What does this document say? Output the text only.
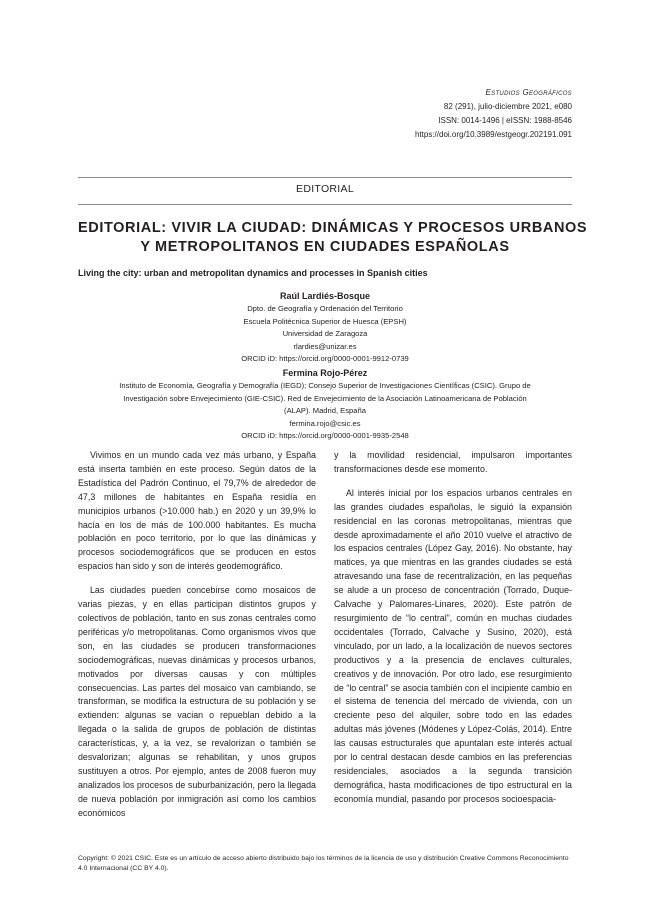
Estudios Geográficos
82 (291), julio-diciembre 2021, e080
ISSN: 0014-1496 | eISSN: 1988-8546
https://doi.org/10.3989/estgeogr.202191.091
EDITORIAL
EDITORIAL: VIVIR LA CIUDAD: DINÁMICAS Y PROCESOS URBANOS
Y METROPOLITANOS EN CIUDADES ESPAÑOLAS
Living the city: urban and metropolitan dynamics and processes in Spanish cities
Raúl Lardiés-Bosque
Dpto. de Geografía y Ordenación del Territorio
Escuela Politécnica Superior de Huesca (EPSH)
Universidad de Zaragoza
rlardies@unizar.es
ORCID iD: https://orcid.org/0000-0001-9912-0739
Fermina Rojo-Pérez
Instituto de Economía, Geografía y Demografía (IEGD); Consejo Superior de Investigaciones Científicas (CSIC). Grupo de
Investigación sobre Envejecimiento (GIE-CSIC). Red de Envejecimiento de la Asociación Latinoamericana de Población
(ALAP). Madrid, España
fermina.rojo@csic.es
ORCID iD: https://orcid.org/0000-0001-9935-2548

Vivimos en un mundo cada vez más urbano, y España está inserta también en este proceso. Según datos de la Estadística del Padrón Continuo, el 79,7% de alrededor de 47,3 millones de habitantes en España residía en municipios urbanos (>10.000 hab.) en 2020 y un 39,9% lo hacía en los de más de 100.000 habitantes. Es mucha población en poco territorio, por lo que las dinámicas y procesos sociodemográficos que se producen en estos espacios han sido y son de interés geodemográfico.

Las ciudades pueden concebirse como mosaicos de varias piezas, y en ellas participan distintos grupos y colectivos de población, tanto en sus zonas centrales como periféricas y/o metropolitanas. Como organismos vivos que son, en las ciudades se producen transformaciones sociodemográficas, nuevas dinámicas y procesos urbanos, motivados por diversas causas y con múltiples consecuencias. Las partes del mosaico van cambiando, se transforman, se modifica la estructura de su población y se extienden: algunas se vacian o repueblan debido a la llegada o la salida de grupos de población de distintas características, y, a la vez, se revalorizan o también se desvalorizan; algunas se rehabilitan, y unos grupos sustituyen a otros. Por ejemplo, antes de 2008 fueron muy analizados los procesos de suburbanización, pero la llegada de nueva población por inmigración así como los cambios económicos

y la movilidad residencial, impulsaron importantes transformaciones desde ese momento.

Al interés inicial por los espacios urbanos centrales en las grandes ciudades españolas, le siguió la expansión residencial en las coronas metropolitanas, mientras que desde aproximadamente el año 2010 vuelve el atractivo de los espacios centrales (López Gay, 2016). No obstante, hay matices, ya que mientras en las grandes ciudades se está atravesando una fase de recentralización, en las pequeñas se alude a un proceso de concentración (Torrado, Duque-Calvache y Palomares-Linares, 2020). Este patrón de resurgimiento de “lo central”, común en muchas ciudades occidentales (Torrado, Calvache y Susino, 2020), está vinculado, por un lado, a la localización de nuevos sectores productivos y a la presencia de enclaves culturales, creativos y de innovación. Por otro lado, ese resurgimiento de “lo central” se asocia también con el incipiente cambio en el sistema de tenencia del mercado de vivienda, con un creciente peso del alquiler, sobre todo en las edades adultas más jóvenes (Módenes y López-Colás, 2014). Entre las causas estructurales que apuntalan este interés actual por lo central destacan desde cambios en las preferencias residenciales, asociados a la segunda transición demográfica, hasta modificaciones de tipo estructural en la economía mundial, pasando por procesos socioespacia-

Copyright: © 2021 CSIC. Este es un artículo de acceso abierto distribuido bajo los términos de la licencia de uso y distribución Creative Commons Reconocimiento 4.0 Internacional (CC BY 4.0).
